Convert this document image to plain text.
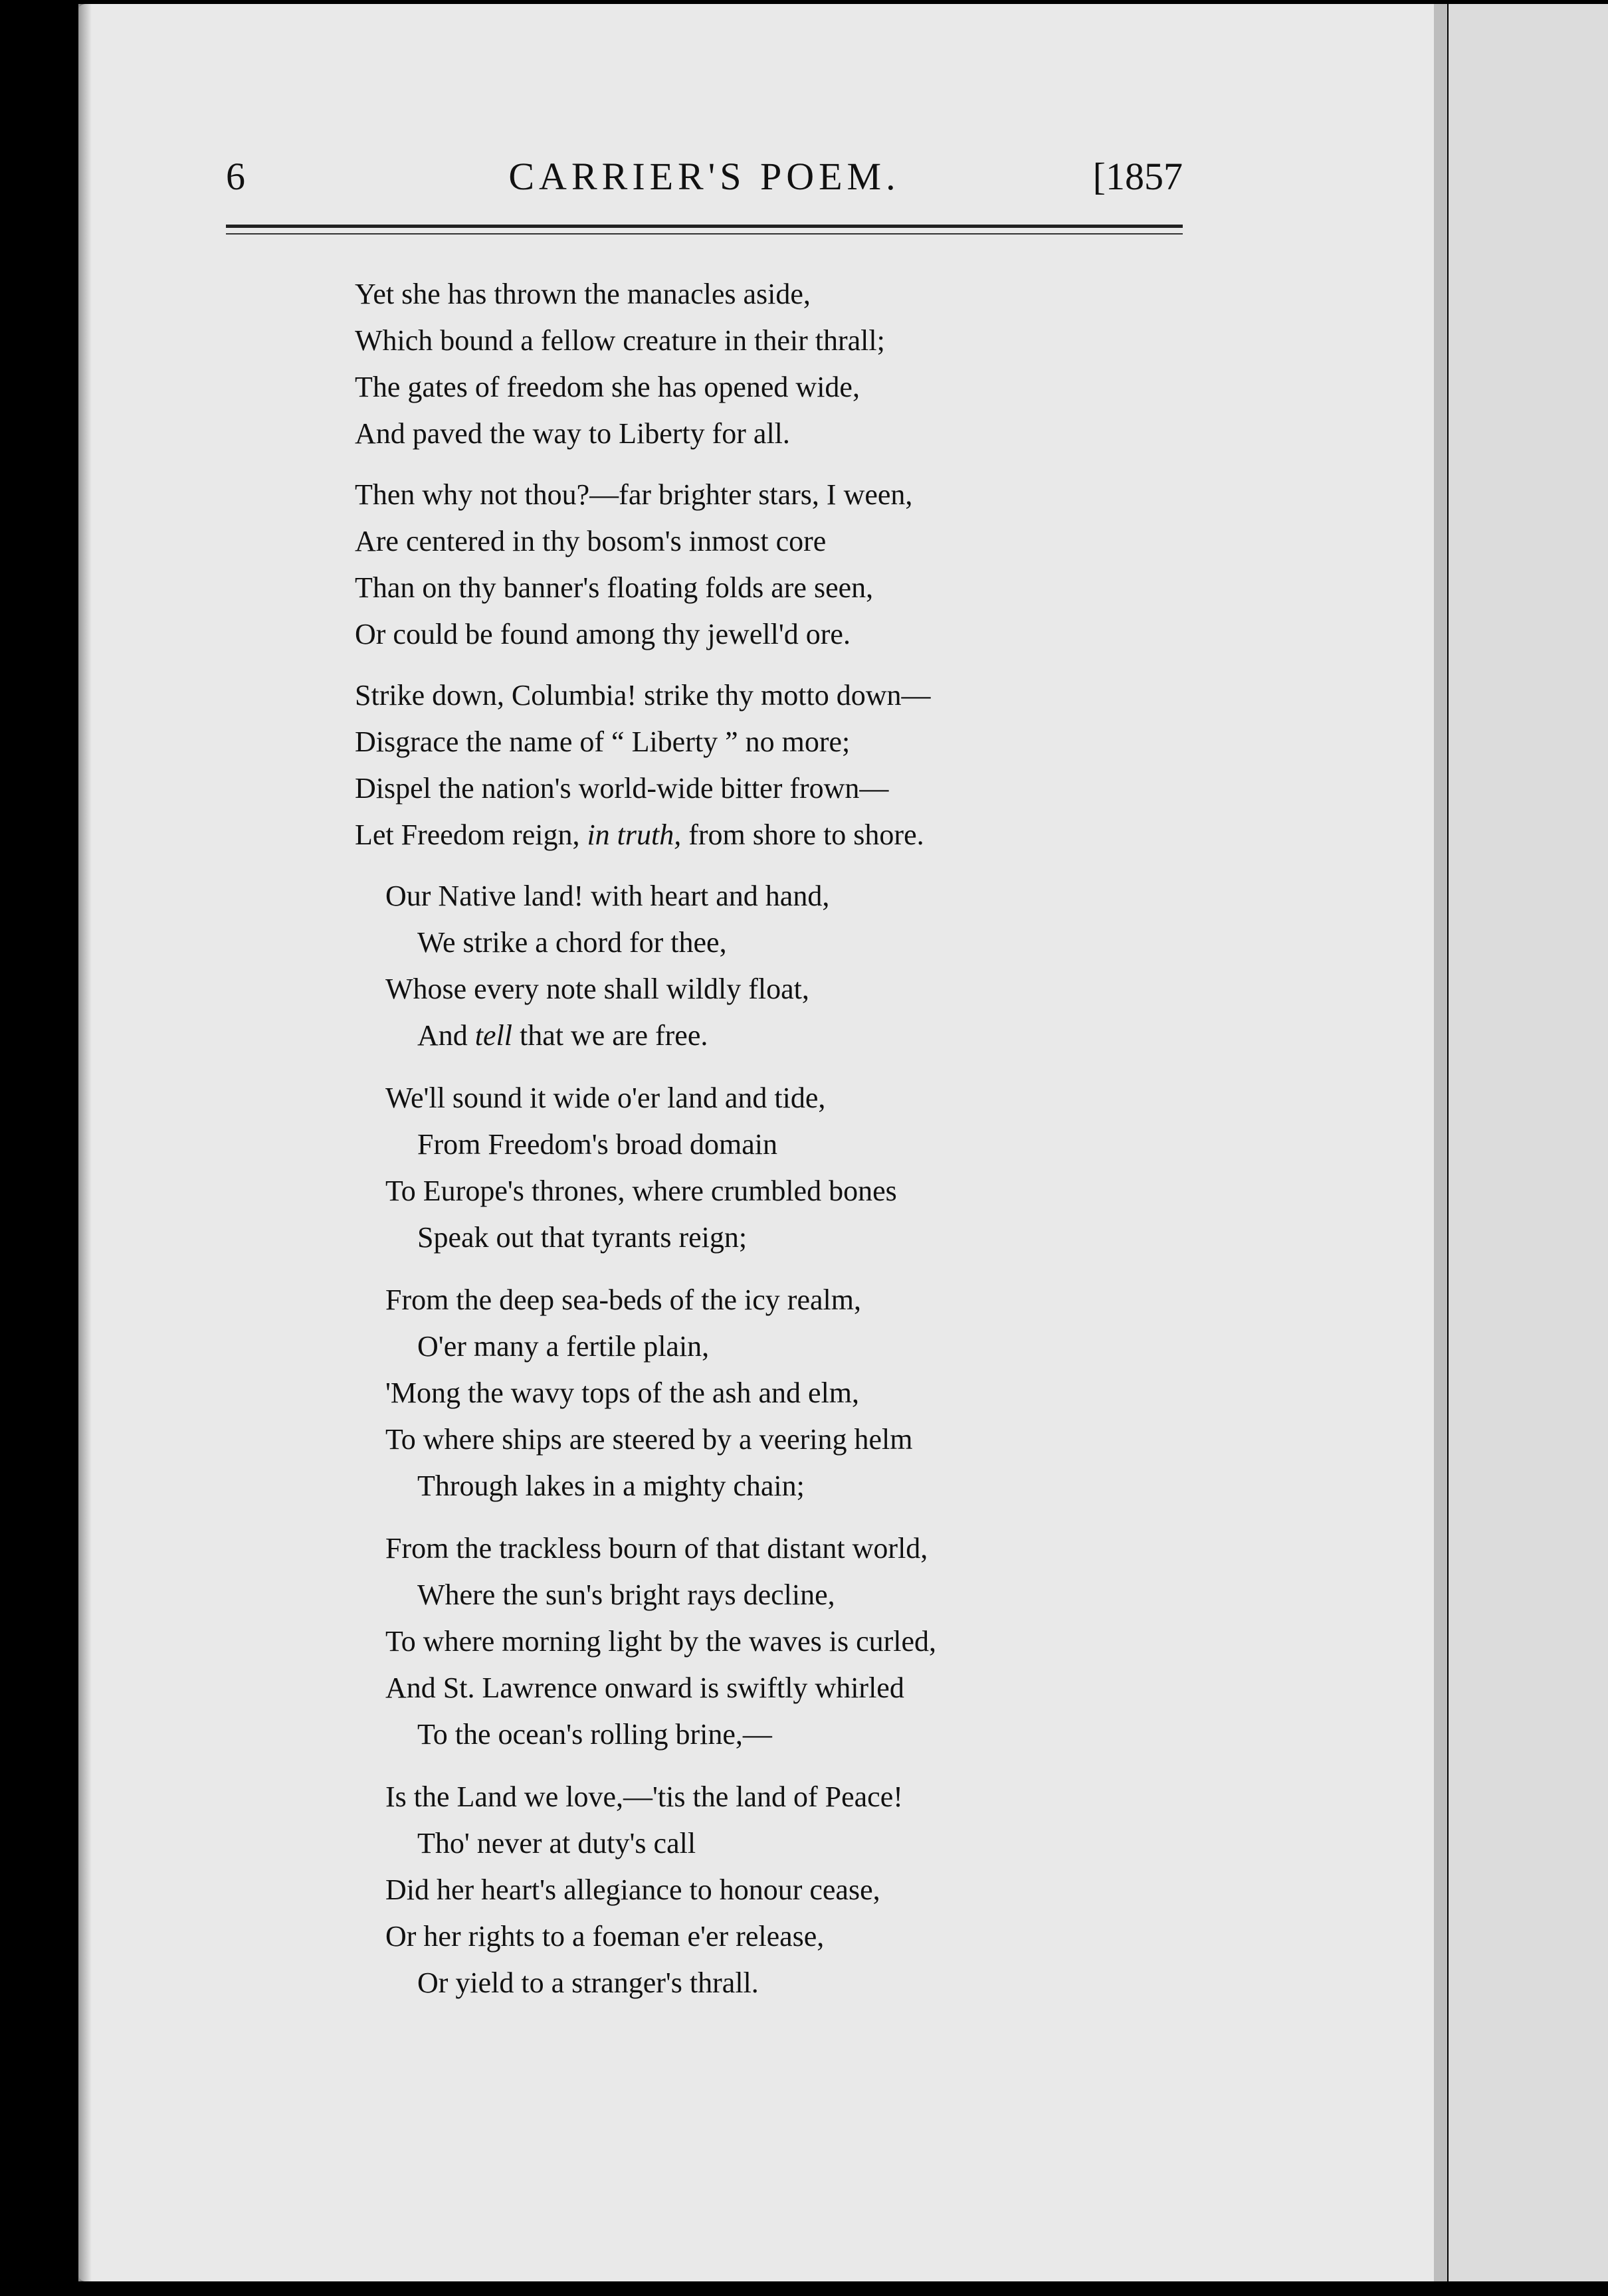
6	CARRIER'S POEM.	[1857
Yet she has thrown the manacles aside,
Which bound a fellow creature in their thrall;
The gates of freedom she has opened wide,
And paved the way to Liberty for all.
Then why not thou?—far brighter stars, I ween,
Are centered in thy bosom's inmost core
Than on thy banner's floating folds are seen,
Or could be found among thy jewell'd ore.
Strike down, Columbia! strike thy motto down—
Disgrace the name of “ Liberty ” no more;
Dispel the nation's world-wide bitter frown—
Let Freedom reign, in truth, from shore to shore.
Our Native land! with heart and hand,
We strike a chord for thee,
Whose every note shall wildly float,
And tell that we are free.
We'll sound it wide o'er land and tide,
From Freedom's broad domain
To Europe's thrones, where crumbled bones
Speak out that tyrants reign;
From the deep sea-beds of the icy realm,
O'er many a fertile plain,
'Mong the wavy tops of the ash and elm,
To where ships are steered by a veering helm
Through lakes in a mighty chain;
From the trackless bourn of that distant world,
Where the sun's bright rays decline,
To where morning light by the waves is curled,
And St. Lawrence onward is swiftly whirled
To the ocean's rolling brine,—
Is the Land we love,—'tis the land of Peace!
Tho' never at duty's call
Did her heart's allegiance to honour cease,
Or her rights to a foeman e'er release,
Or yield to a stranger's thrall.
